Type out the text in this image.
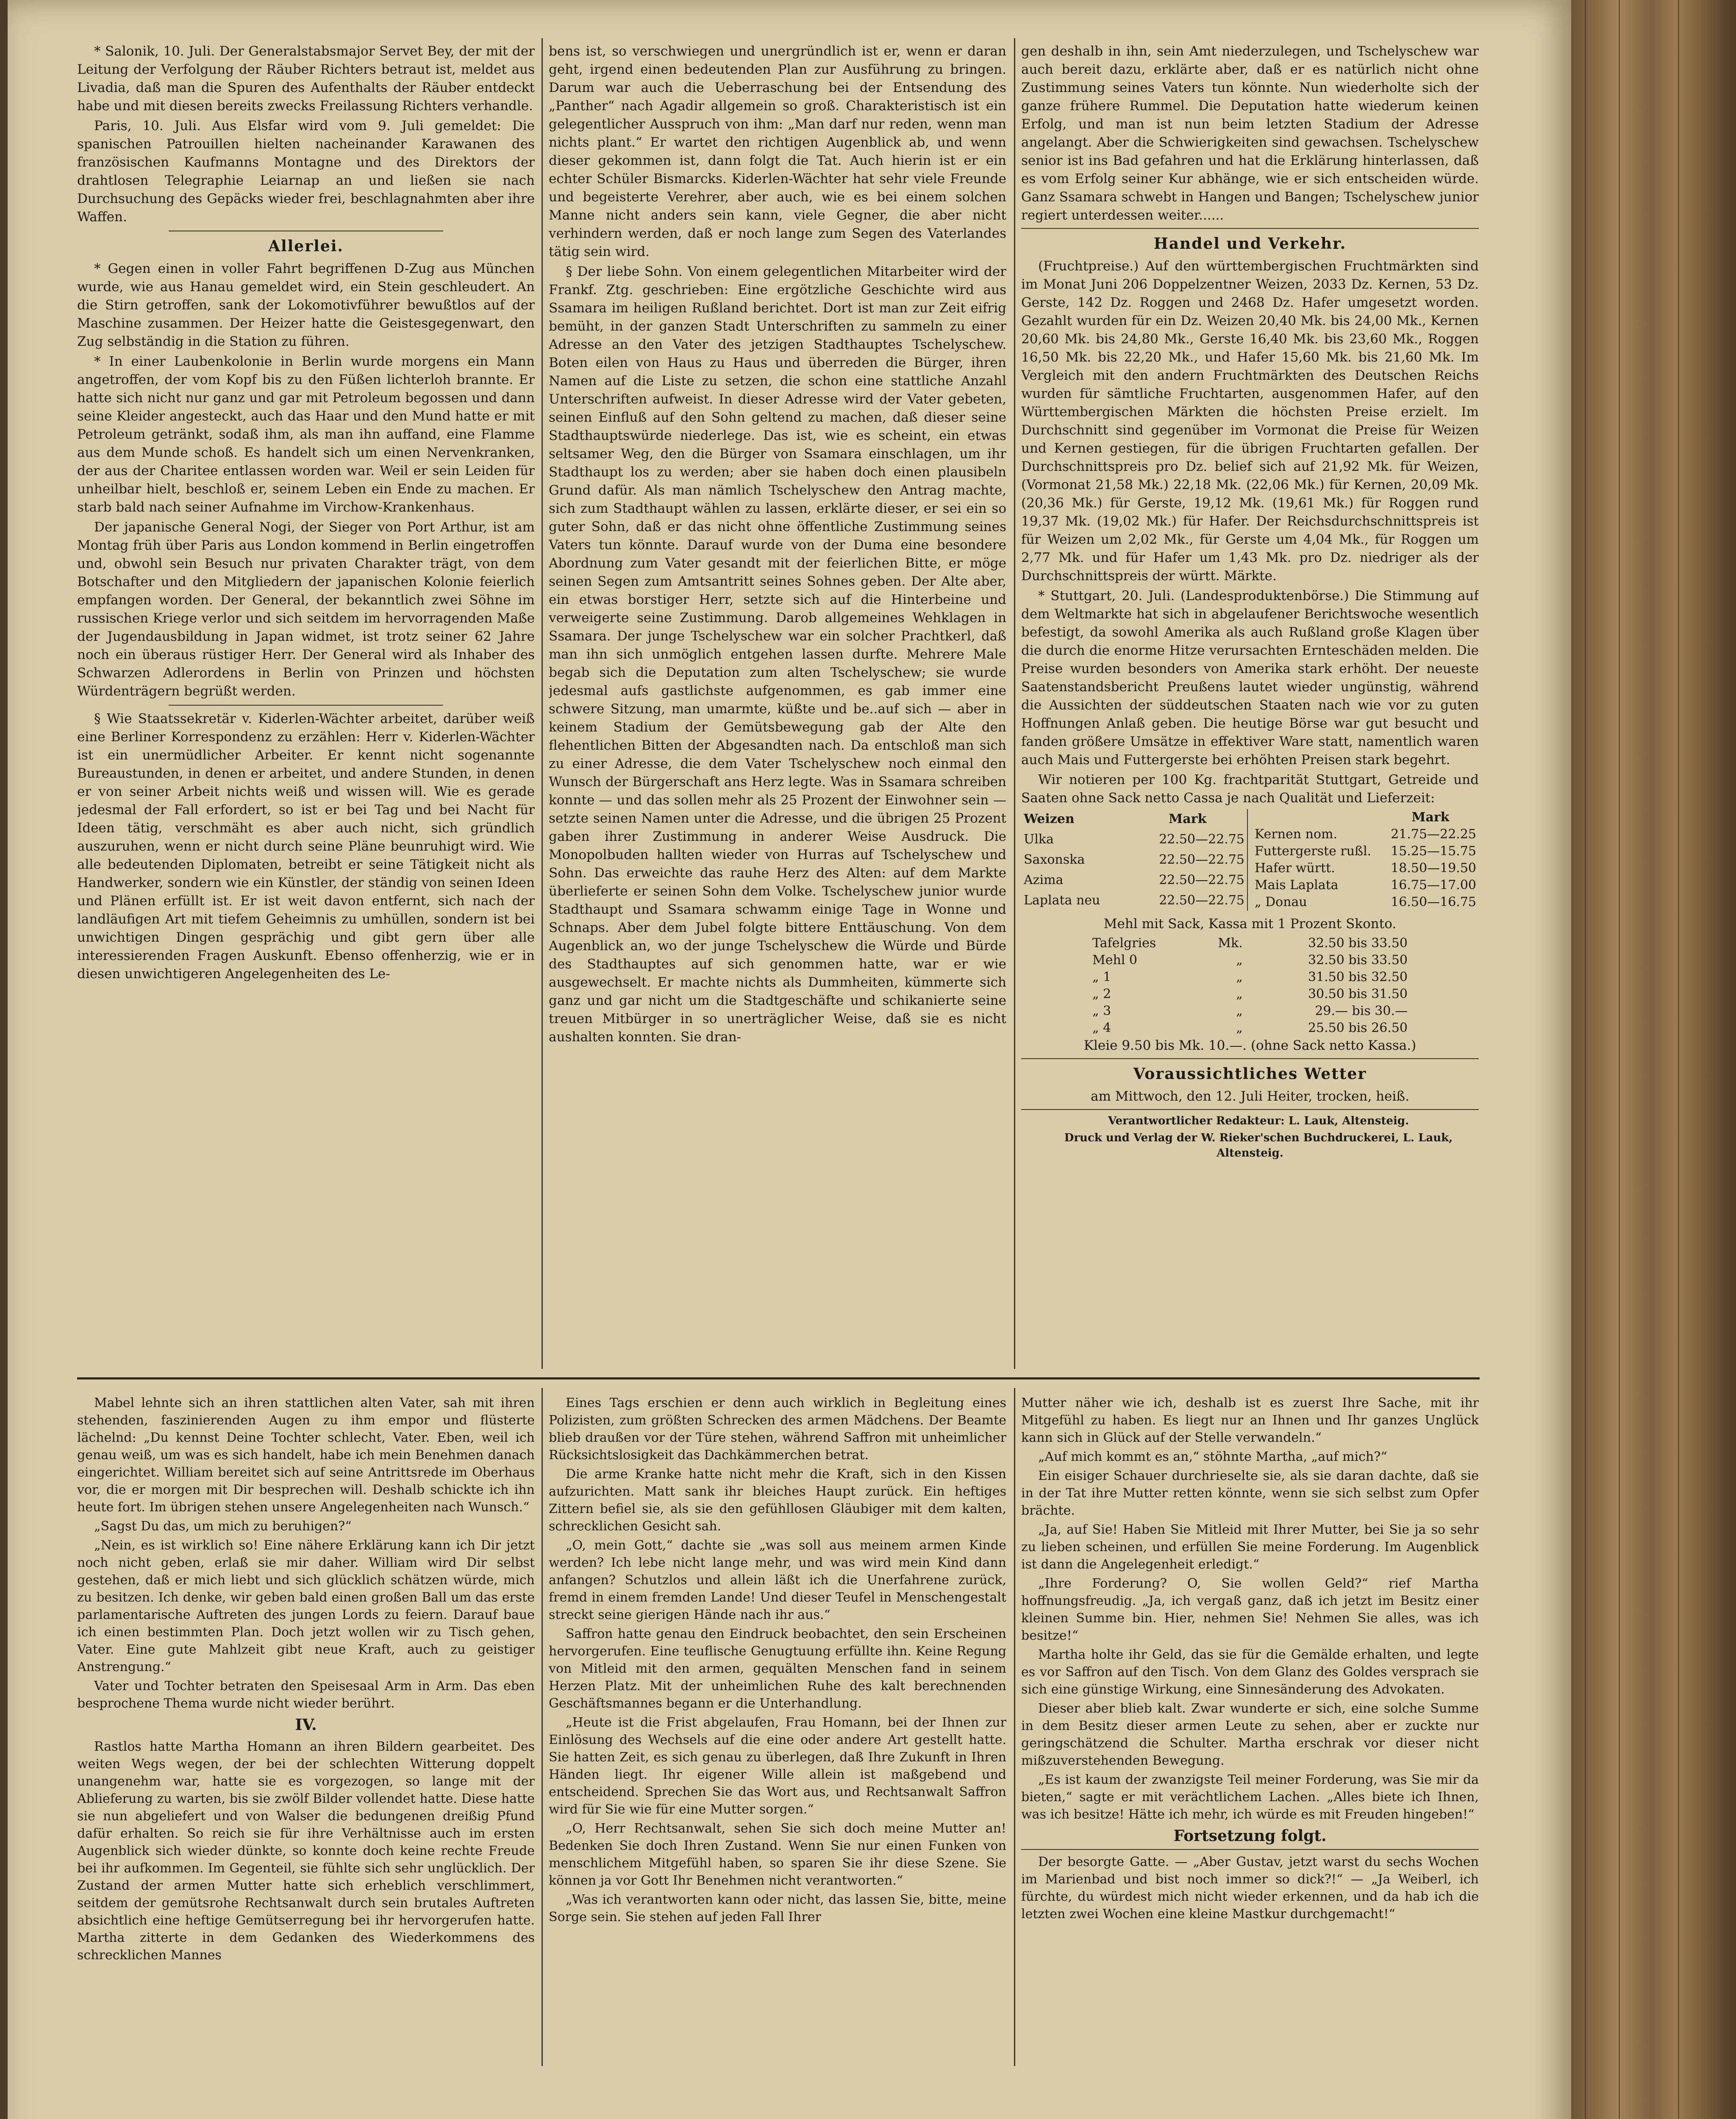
* Salonik, 10. Juli. Der Generalstabsmajor Servet Bey, der mit der Leitung der Verfolgung der Räuber Richters betraut ist, meldet aus Livadia, daß man die Spuren des Aufenthalts der Räuber entdeckt habe und mit diesen bereits zwecks Freilassung Richters verhandle.

Paris, 10. Juli. Aus Elsfar wird vom 9. Juli gemeldet: Die spanischen Patrouillen hielten nacheinander Karawanen des französischen Kaufmanns Montagne und des Direktors der drahtlosen Telegraphie Leiarnap an und ließen sie nach Durchsuchung des Gepäcks wieder frei, beschlagnahmten aber ihre Waffen.

Allerlei.

* Gegen einen in voller Fahrt begriffenen D-Zug aus München wurde, wie aus Hanau gemeldet wird, ein Stein geschleudert. An die Stirn getroffen, sank der Lokomotivführer bewußtlos auf der Maschine zusammen. Der Heizer hatte die Geistesgegenwart, den Zug selbständig in die Station zu führen.

* In einer Laubenkolonie in Berlin wurde morgens ein Mann angetroffen, der vom Kopf bis zu den Füßen lichterloh brannte. Er hatte sich nicht nur ganz und gar mit Petroleum begossen und dann seine Kleider angesteckt, auch das Haar und den Mund hatte er mit Petroleum getränkt, sodaß ihm, als man ihn auffand, eine Flamme aus dem Munde schoß. Es handelt sich um einen Nervenkranken, der aus der Charitee entlassen worden war. Weil er sein Leiden für unheilbar hielt, beschloß er, seinem Leben ein Ende zu machen. Er starb bald nach seiner Aufnahme im Virchow-Krankenhaus.

Der japanische General Nogi, der Sieger von Port Arthur, ist am Montag früh über Paris aus London kommend in Berlin eingetroffen und, obwohl sein Besuch nur privaten Charakter trägt, von dem Botschafter und den Mitgliedern der japanischen Kolonie feierlich empfangen worden. Der General, der bekanntlich zwei Söhne im russischen Kriege verlor und sich seitdem im hervorragenden Maße der Jugendausbildung in Japan widmet, ist trotz seiner 62 Jahre noch ein überaus rüstiger Herr. Der General wird als Inhaber des Schwarzen Adlerordens in Berlin von Prinzen und höchsten Würdenträgern begrüßt werden.

§ Wie Staatssekretär v. Kiderlen-Wächter arbeitet, darüber weiß eine Berliner Korrespondenz zu erzählen: Herr v. Kiderlen-Wächter ist ein unermüdlicher Arbeiter. Er kennt nicht sogenannte Bureaustunden, in denen er arbeitet, und andere Stunden, in denen er von seiner Arbeit nichts weiß und wissen will. Wie es gerade jedesmal der Fall erfordert, so ist er bei Tag und bei Nacht für Ideen tätig, verschmäht es aber auch nicht, sich gründlich auszuruhen, wenn er nicht durch seine Pläne beunruhigt wird. Wie alle bedeutenden Diplomaten, betreibt er seine Tätigkeit nicht als Handwerker, sondern wie ein Künstler, der ständig von seinen Ideen und Plänen erfüllt ist. Er ist weit davon entfernt, sich nach der landläufigen Art mit tiefem Geheimnis zu umhüllen, sondern ist bei unwichtigen Dingen gesprächig und gibt gern über alle interessierenden Fragen Auskunft. Ebenso offenherzig, wie er in diesen unwichtigeren Angelegenheiten des Le-

bens ist, so verschwiegen und unergründlich ist er, wenn er daran geht, irgend einen bedeutenden Plan zur Ausführung zu bringen. Darum war auch die Ueberraschung bei der Entsendung des „Panther“ nach Agadir allgemein so groß. Charakteristisch ist ein gelegentlicher Ausspruch von ihm: „Man darf nur reden, wenn man nichts plant.“ Er wartet den richtigen Augenblick ab, und wenn dieser gekommen ist, dann folgt die Tat. Auch hierin ist er ein echter Schüler Bismarcks. Kiderlen-Wächter hat sehr viele Freunde und begeisterte Verehrer, aber auch, wie es bei einem solchen Manne nicht anders sein kann, viele Gegner, die aber nicht verhindern werden, daß er noch lange zum Segen des Vaterlandes tätig sein wird.

§ Der liebe Sohn. Von einem gelegentlichen Mitarbeiter wird der Frankf. Ztg. geschrieben: Eine ergötzliche Geschichte wird aus Ssamara im heiligen Rußland berichtet. Dort ist man zur Zeit eifrig bemüht, in der ganzen Stadt Unterschriften zu sammeln zu einer Adresse an den Vater des jetzigen Stadthauptes Tschelyschew. Boten eilen von Haus zu Haus und überreden die Bürger, ihren Namen auf die Liste zu setzen, die schon eine stattliche Anzahl Unterschriften aufweist. In dieser Adresse wird der Vater gebeten, seinen Einfluß auf den Sohn geltend zu machen, daß dieser seine Stadthauptswürde niederlege. Das ist, wie es scheint, ein etwas seltsamer Weg, den die Bürger von Ssamara einschlagen, um ihr Stadthaupt los zu werden; aber sie haben doch einen plausibeln Grund dafür. Als man nämlich Tschelyschew den Antrag machte, sich zum Stadthaupt wählen zu lassen, erklärte dieser, er sei ein so guter Sohn, daß er das nicht ohne öffentliche Zustimmung seines Vaters tun könnte. Darauf wurde von der Duma eine besondere Abordnung zum Vater gesandt mit der feierlichen Bitte, er möge seinen Segen zum Amtsantritt seines Sohnes geben. Der Alte aber, ein etwas borstiger Herr, setzte sich auf die Hinterbeine und verweigerte seine Zustimmung. Darob allgemeines Wehklagen in Ssamara. Der junge Tschelyschew war ein solcher Prachtkerl, daß man ihn sich unmöglich entgehen lassen durfte. Mehrere Male begab sich die Deputation zum alten Tschelyschew; sie wurde jedesmal aufs gastlichste aufgenommen, es gab immer eine schwere Sitzung, man umarmte, küßte und be..auf sich — aber in keinem Stadium der Gemütsbewegung gab der Alte den flehentlichen Bitten der Abgesandten nach. Da entschloß man sich zu einer Adresse, die dem Vater Tschelyschew noch einmal den Wunsch der Bürgerschaft ans Herz legte. Was in Ssamara schreiben konnte — und das sollen mehr als 25 Prozent der Einwohner sein — setzte seinen Namen unter die Adresse, und die übrigen 25 Prozent gaben ihrer Zustimmung in anderer Weise Ausdruck. Die Monopolbuden hallten wieder von Hurras auf Tschelyschew und Sohn. Das erweichte das rauhe Herz des Alten: auf dem Markte überlieferte er seinen Sohn dem Volke. Tschelyschew junior wurde Stadthaupt und Ssamara schwamm einige Tage in Wonne und Schnaps. Aber dem Jubel folgte bittere Enttäuschung. Von dem Augenblick an, wo der junge Tschelyschew die Würde und Bürde des Stadthauptes auf sich genommen hatte, war er wie ausgewechselt. Er machte nichts als Dummheiten, kümmerte sich ganz und gar nicht um die Stadtgeschäfte und schikanierte seine treuen Mitbürger in so unerträglicher Weise, daß sie es nicht aushalten konnten. Sie dran-

gen deshalb in ihn, sein Amt niederzulegen, und Tschelyschew war auch bereit dazu, erklärte aber, daß er es natürlich nicht ohne Zustimmung seines Vaters tun könnte. Nun wiederholte sich der ganze frühere Rummel. Die Deputation hatte wiederum keinen Erfolg, und man ist nun beim letzten Stadium der Adresse angelangt. Aber die Schwierigkeiten sind gewachsen. Tschelyschew senior ist ins Bad gefahren und hat die Erklärung hinterlassen, daß es vom Erfolg seiner Kur abhänge, wie er sich entscheiden würde. Ganz Ssamara schwebt in Hangen und Bangen; Tschelyschew junior regiert unterdessen weiter......

Handel und Verkehr.

(Fruchtpreise.) Auf den württembergischen Fruchtmärkten sind im Monat Juni 206 Doppelzentner Weizen, 2033 Dz. Kernen, 53 Dz. Gerste, 142 Dz. Roggen und 2468 Dz. Hafer umgesetzt worden. Gezahlt wurden für ein Dz. Weizen 20,40 Mk. bis 24,00 Mk., Kernen 20,60 Mk. bis 24,80 Mk., Gerste 16,40 Mk. bis 23,60 Mk., Roggen 16,50 Mk. bis 22,20 Mk., und Hafer 15,60 Mk. bis 21,60 Mk. Im Vergleich mit den andern Fruchtmärkten des Deutschen Reichs wurden für sämtliche Fruchtarten, ausgenommen Hafer, auf den Württembergischen Märkten die höchsten Preise erzielt. Im Durchschnitt sind gegenüber im Vormonat die Preise für Weizen und Kernen gestiegen, für die übrigen Fruchtarten gefallen. Der Durchschnittspreis pro Dz. belief sich auf 21,92 Mk. für Weizen, (Vormonat 21,58 Mk.) 22,18 Mk. (22,06 Mk.) für Kernen, 20,09 Mk. (20,36 Mk.) für Gerste, 19,12 Mk. (19,61 Mk.) für Roggen rund 19,37 Mk. (19,02 Mk.) für Hafer. Der Reichsdurchschnittspreis ist für Weizen um 2,02 Mk., für Gerste um 4,04 Mk., für Roggen um 2,77 Mk. und für Hafer um 1,43 Mk. pro Dz. niedriger als der Durchschnittspreis der württ. Märkte.

* Stuttgart, 20. Juli. (Landesproduktenbörse.) Die Stimmung auf dem Weltmarkte hat sich in abgelaufener Berichtswoche wesentlich befestigt, da sowohl Amerika als auch Rußland große Klagen über die durch die enorme Hitze verursachten Ernteschäden melden. Die Preise wurden besonders von Amerika stark erhöht. Der neueste Saatenstandsbericht Preußens lautet wieder ungünstig, während die Aussichten der süddeutschen Staaten nach wie vor zu guten Hoffnungen Anlaß geben. Die heutige Börse war gut besucht und fanden größere Umsätze in effektiver Ware statt, namentlich waren auch Mais und Futtergerste bei erhöhten Preisen stark begehrt.

Wir notieren per 100 Kg. frachtparität Stuttgart, Getreide und Saaten ohne Sack netto Cassa je nach Qualität und Lieferzeit:

Weizen	Mark
Ulka	22.50—22.75
Saxonska	22.50—22.75
Azima	22.50—22.75
Laplata neu	22.50—22.75
	Mark
Kernen nom.	21.75—22.25
Futtergerste rußl.	15.25—15.75
Hafer württ.	18.50—19.50
Mais Laplata	16.75—17.00
„ Donau	16.50—16.75

Mehl mit Sack, Kassa mit 1 Prozent Skonto.

Tafelgries	Mk.	32.50 bis 33.50
Mehl 0	„	32.50 bis 33.50
„ 1	„	31.50 bis 32.50
„ 2	„	30.50 bis 31.50
„ 3	„	29.— bis 30.—
„ 4	„	25.50 bis 26.50

Kleie 9.50 bis Mk. 10.—. (ohne Sack netto Kassa.)

Voraussichtliches Wetter

am Mittwoch, den 12. Juli Heiter, trocken, heiß.

Verantwortlicher Redakteur: L. Lauk, Altensteig.

Druck und Verlag der W. Rieker'schen Buchdruckerei, L. Lauk, Altensteig.

Mabel lehnte sich an ihren stattlichen alten Vater, sah mit ihren stehenden, faszinierenden Augen zu ihm empor und flüsterte lächelnd: „Du kennst Deine Tochter schlecht, Vater. Eben, weil ich genau weiß, um was es sich handelt, habe ich mein Benehmen danach eingerichtet. William bereitet sich auf seine Antrittsrede im Oberhaus vor, die er morgen mit Dir besprechen will. Deshalb schickte ich ihn heute fort. Im übrigen stehen unsere Angelegenheiten nach Wunsch.“

„Sagst Du das, um mich zu beruhigen?“

„Nein, es ist wirklich so! Eine nähere Erklärung kann ich Dir jetzt noch nicht geben, erlaß sie mir daher. William wird Dir selbst gestehen, daß er mich liebt und sich glücklich schätzen würde, mich zu besitzen. Ich denke, wir geben bald einen großen Ball um das erste parlamentarische Auftreten des jungen Lords zu feiern. Darauf baue ich einen bestimmten Plan. Doch jetzt wollen wir zu Tisch gehen, Vater. Eine gute Mahlzeit gibt neue Kraft, auch zu geistiger Anstrengung.“

Vater und Tochter betraten den Speisesaal Arm in Arm. Das eben besprochene Thema wurde nicht wieder berührt.

IV.

Rastlos hatte Martha Homann an ihren Bildern gearbeitet. Des weiten Wegs wegen, der bei der schlechten Witterung doppelt unangenehm war, hatte sie es vorgezogen, so lange mit der Ablieferung zu warten, bis sie zwölf Bilder vollendet hatte. Diese hatte sie nun abgeliefert und von Walser die bedungenen dreißig Pfund dafür erhalten. So reich sie für ihre Verhältnisse auch im ersten Augenblick sich wieder dünkte, so konnte doch keine rechte Freude bei ihr aufkommen. Im Gegenteil, sie fühlte sich sehr unglücklich. Der Zustand der armen Mutter hatte sich erheblich verschlimmert, seitdem der gemütsrohe Rechtsanwalt durch sein brutales Auftreten absichtlich eine heftige Gemütserregung bei ihr hervorgerufen hatte. Martha zitterte in dem Gedanken des Wiederkommens des schrecklichen Mannes

Eines Tags erschien er denn auch wirklich in Begleitung eines Polizisten, zum größten Schrecken des armen Mädchens. Der Beamte blieb draußen vor der Türe stehen, während Saffron mit unheimlicher Rücksichtslosigkeit das Dachkämmerchen betrat.

Die arme Kranke hatte nicht mehr die Kraft, sich in den Kissen aufzurichten. Matt sank ihr bleiches Haupt zurück. Ein heftiges Zittern befiel sie, als sie den gefühllosen Gläubiger mit dem kalten, schrecklichen Gesicht sah.

„O, mein Gott,“ dachte sie „was soll aus meinem armen Kinde werden? Ich lebe nicht lange mehr, und was wird mein Kind dann anfangen? Schutzlos und allein läßt ich die Unerfahrene zurück, fremd in einem fremden Lande! Und dieser Teufel in Menschengestalt streckt seine gierigen Hände nach ihr aus.“

Saffron hatte genau den Eindruck beobachtet, den sein Erscheinen hervorgerufen. Eine teuflische Genugtuung erfüllte ihn. Keine Regung von Mitleid mit den armen, gequälten Menschen fand in seinem Herzen Platz. Mit der unheimlichen Ruhe des kalt berechnenden Geschäftsmannes begann er die Unterhandlung.

„Heute ist die Frist abgelaufen, Frau Homann, bei der Ihnen zur Einlösung des Wechsels auf die eine oder andere Art gestellt hatte. Sie hatten Zeit, es sich genau zu überlegen, daß Ihre Zukunft in Ihren Händen liegt. Ihr eigener Wille allein ist maßgebend und entscheidend. Sprechen Sie das Wort aus, und Rechtsanwalt Saffron wird für Sie wie für eine Mutter sorgen.“

„O, Herr Rechtsanwalt, sehen Sie sich doch meine Mutter an! Bedenken Sie doch Ihren Zustand. Wenn Sie nur einen Funken von menschlichem Mitgefühl haben, so sparen Sie ihr diese Szene. Sie können ja vor Gott Ihr Benehmen nicht verantworten.“

„Was ich verantworten kann oder nicht, das lassen Sie, bitte, meine Sorge sein. Sie stehen auf jeden Fall Ihrer

Mutter näher wie ich, deshalb ist es zuerst Ihre Sache, mit ihr Mitgefühl zu haben. Es liegt nur an Ihnen und Ihr ganzes Unglück kann sich in Glück auf der Stelle verwandeln.“

„Auf mich kommt es an,“ stöhnte Martha, „auf mich?“

Ein eisiger Schauer durchrieselte sie, als sie daran dachte, daß sie in der Tat ihre Mutter retten könnte, wenn sie sich selbst zum Opfer brächte.

„Ja, auf Sie! Haben Sie Mitleid mit Ihrer Mutter, bei Sie ja so sehr zu lieben scheinen, und erfüllen Sie meine Forderung. Im Augenblick ist dann die Angelegenheit erledigt.“

„Ihre Forderung? O, Sie wollen Geld?“ rief Martha hoffnungsfreudig. „Ja, ich vergaß ganz, daß ich jetzt im Besitz einer kleinen Summe bin. Hier, nehmen Sie! Nehmen Sie alles, was ich besitze!“

Martha holte ihr Geld, das sie für die Gemälde erhalten, und legte es vor Saffron auf den Tisch. Von dem Glanz des Goldes versprach sie sich eine günstige Wirkung, eine Sinnesänderung des Advokaten.

Dieser aber blieb kalt. Zwar wunderte er sich, eine solche Summe in dem Besitz dieser armen Leute zu sehen, aber er zuckte nur geringschätzend die Schulter. Martha erschrak vor dieser nicht mißzuverstehenden Bewegung.

„Es ist kaum der zwanzigste Teil meiner Forderung, was Sie mir da bieten,“ sagte er mit verächtlichem Lachen. „Alles biete ich Ihnen, was ich besitze! Hätte ich mehr, ich würde es mit Freuden hingeben!“

Fortsetzung folgt.

Der besorgte Gatte. — „Aber Gustav, jetzt warst du sechs Wochen im Marienbad und bist noch immer so dick?!“ — „Ja Weiberl, ich fürchte, du würdest mich nicht wieder erkennen, und da hab ich die letzten zwei Wochen eine kleine Mastkur durchgemacht!“
